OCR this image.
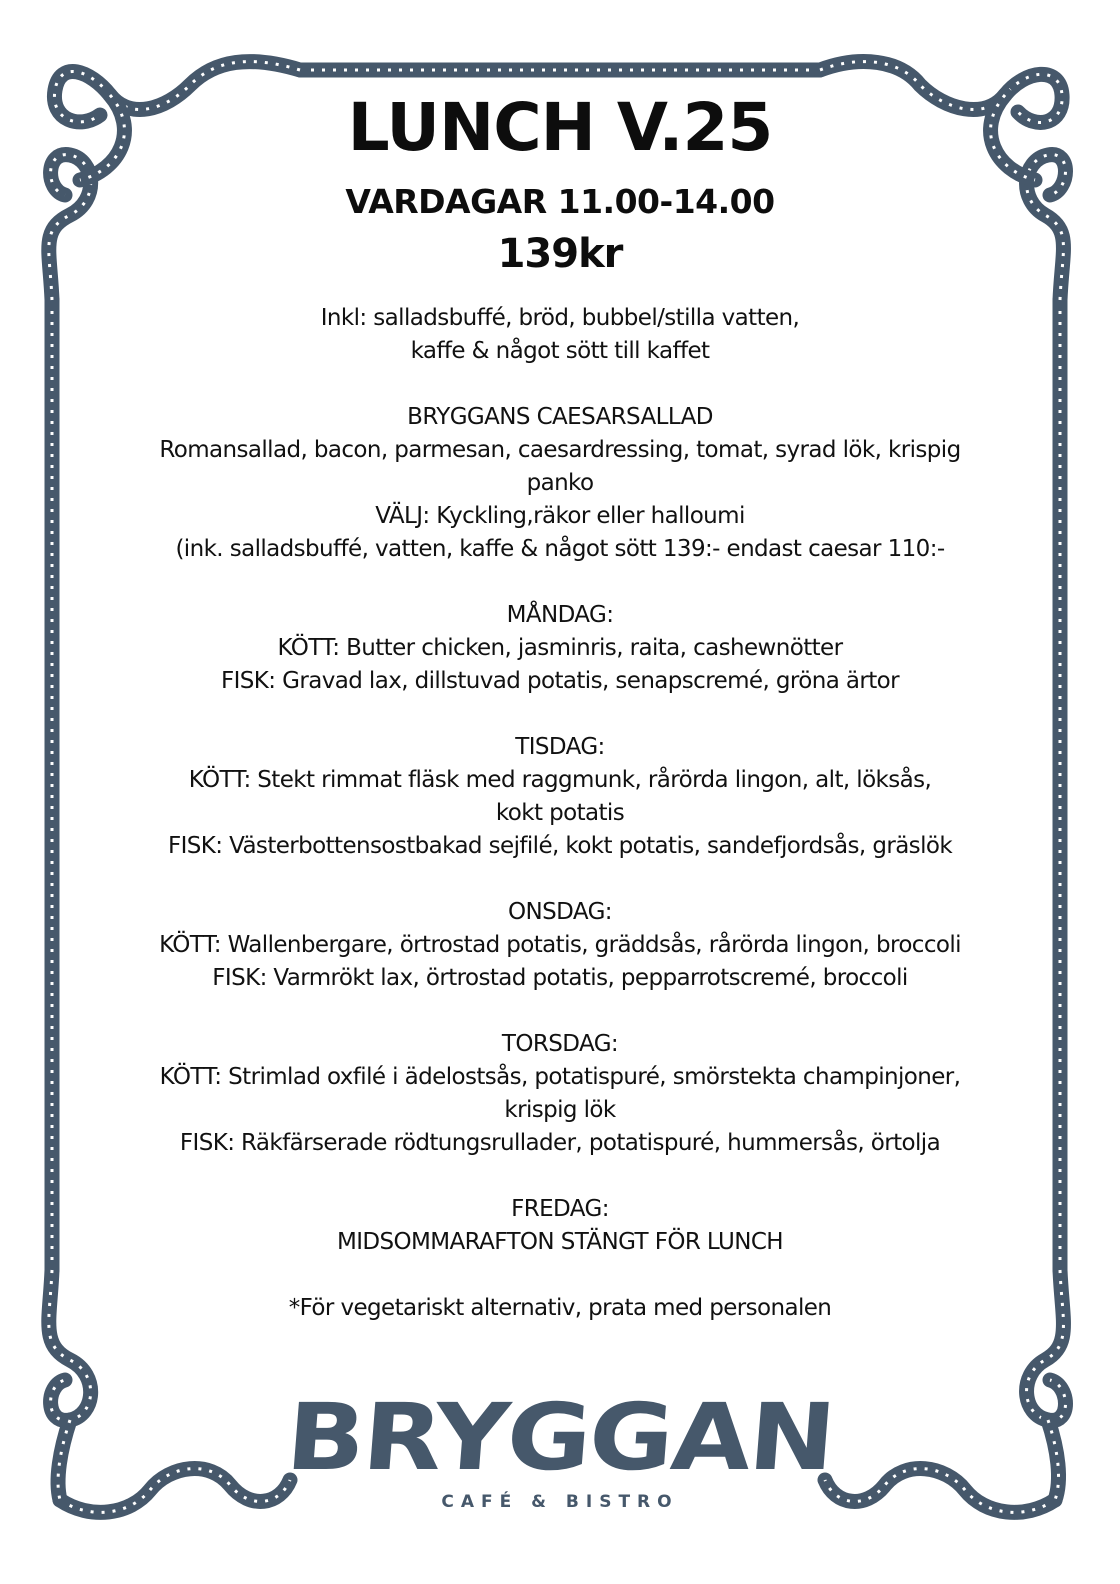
LUNCH V.25
VARDAGAR 11.00-14.00
139kr
Inkl: salladsbuffé, bröd, bubbel/stilla vatten,
kaffe & något sött till kaffet
BRYGGANS CAESARSALLAD
Romansallad, bacon, parmesan, caesardressing, tomat, syrad lök, krispig
panko
VÄLJ: Kyckling,räkor eller halloumi
(ink. salladsbuffé, vatten, kaffe & något sött 139:- endast caesar 110:-
MÅNDAG:
KÖTT: Butter chicken, jasminris, raita, cashewnötter
FISK: Gravad lax, dillstuvad potatis, senapscremé, gröna ärtor
TISDAG:
KÖTT: Stekt rimmat fläsk med raggmunk, rårörda lingon, alt, löksås,
kokt potatis
FISK: Västerbottensostbakad sejfilé, kokt potatis, sandefjordsås, gräslök
ONSDAG:
KÖTT: Wallenbergare, örtrostad potatis, gräddsås, rårörda lingon, broccoli
FISK: Varmrökt lax, örtrostad potatis, pepparrotscremé, broccoli
TORSDAG:
KÖTT: Strimlad oxfilé i ädelostsås, potatispuré, smörstekta champinjoner,
krispig lök
FISK: Räkfärserade rödtungsrullader, potatispuré, hummersås, örtolja
FREDAG:
MIDSOMMARAFTON STÄNGT FÖR LUNCH
*För vegetariskt alternativ, prata med personalen
BRYGGAN
CAFÉ & BISTRO
